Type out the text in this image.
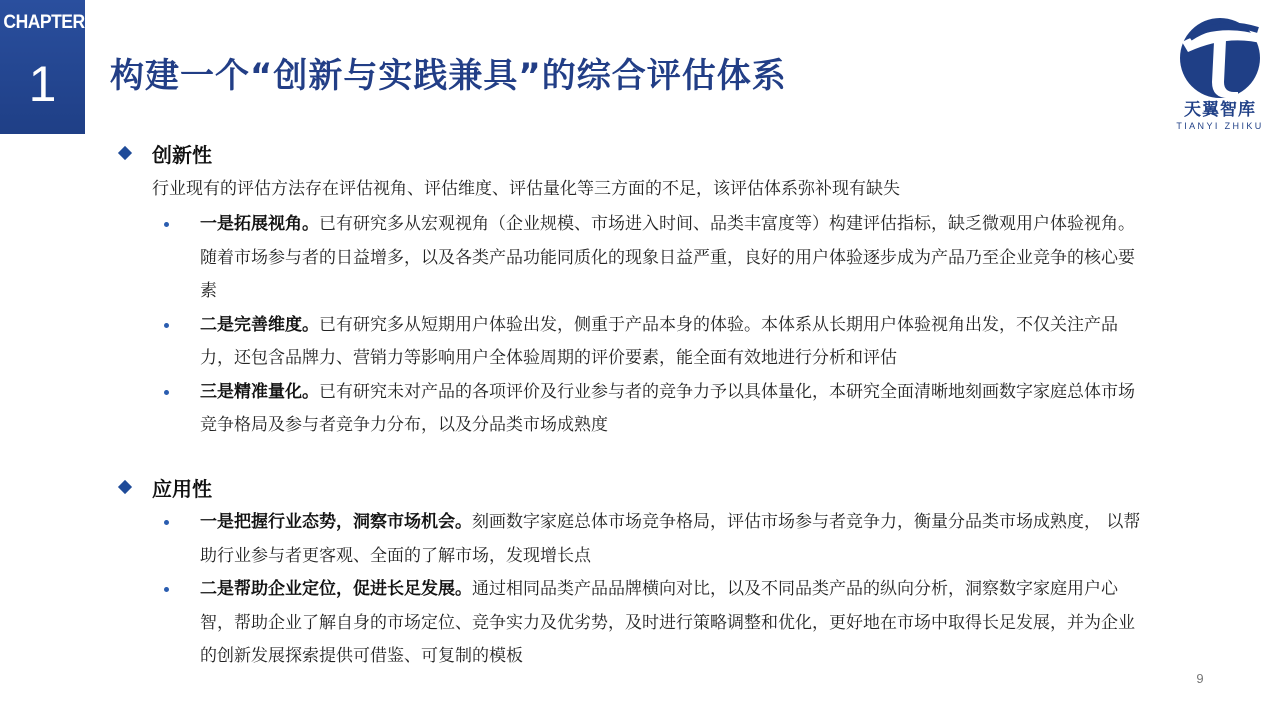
CHAPTER
1	构建一个“创新与实践兼具”的综合评估体系
天翼智库
TIANYI ZHIKU
创新性
行业现有的评估方法存在评估视角、评估维度、评估量化等三方面的不足，该评估体系弥补现有缺失
一是拓展视角。已有研究多从宏观视角（企业规模、市场进入时间、品类丰富度等）构建评估指标，缺乏微观用户体验视角。随着市场参与者的日益增多，以及各类产品功能同质化的现象日益严重，良好的用户体验逐步成为产品乃至企业竞争的核心要素
二是完善维度。已有研究多从短期用户体验出发，侧重于产品本身的体验。本体系从长期用户体验视角出发，不仅关注产品力，还包含品牌力、营销力等影响用户全体验周期的评价要素，能全面有效地进行分析和评估
三是精准量化。已有研究未对产品的各项评价及行业参与者的竞争力予以具体量化，本研究全面清晰地刻画数字家庭总体市场竞争格局及参与者竞争力分布，以及分品类市场成熟度
应用性
一是把握行业态势，洞察市场机会。刻画数字家庭总体市场竞争格局，评估市场参与者竞争力，衡量分品类市场成熟度， 以帮助行业参与者更客观、全面的了解市场，发现增长点
二是帮助企业定位，促进长足发展。通过相同品类产品品牌横向对比，以及不同品类产品的纵向分析，洞察数字家庭用户心智，帮助企业了解自身的市场定位、竞争实力及优劣势，及时进行策略调整和优化，更好地在市场中取得长足发展，并为企业的创新发展探索提供可借鉴、可复制的模板
9
